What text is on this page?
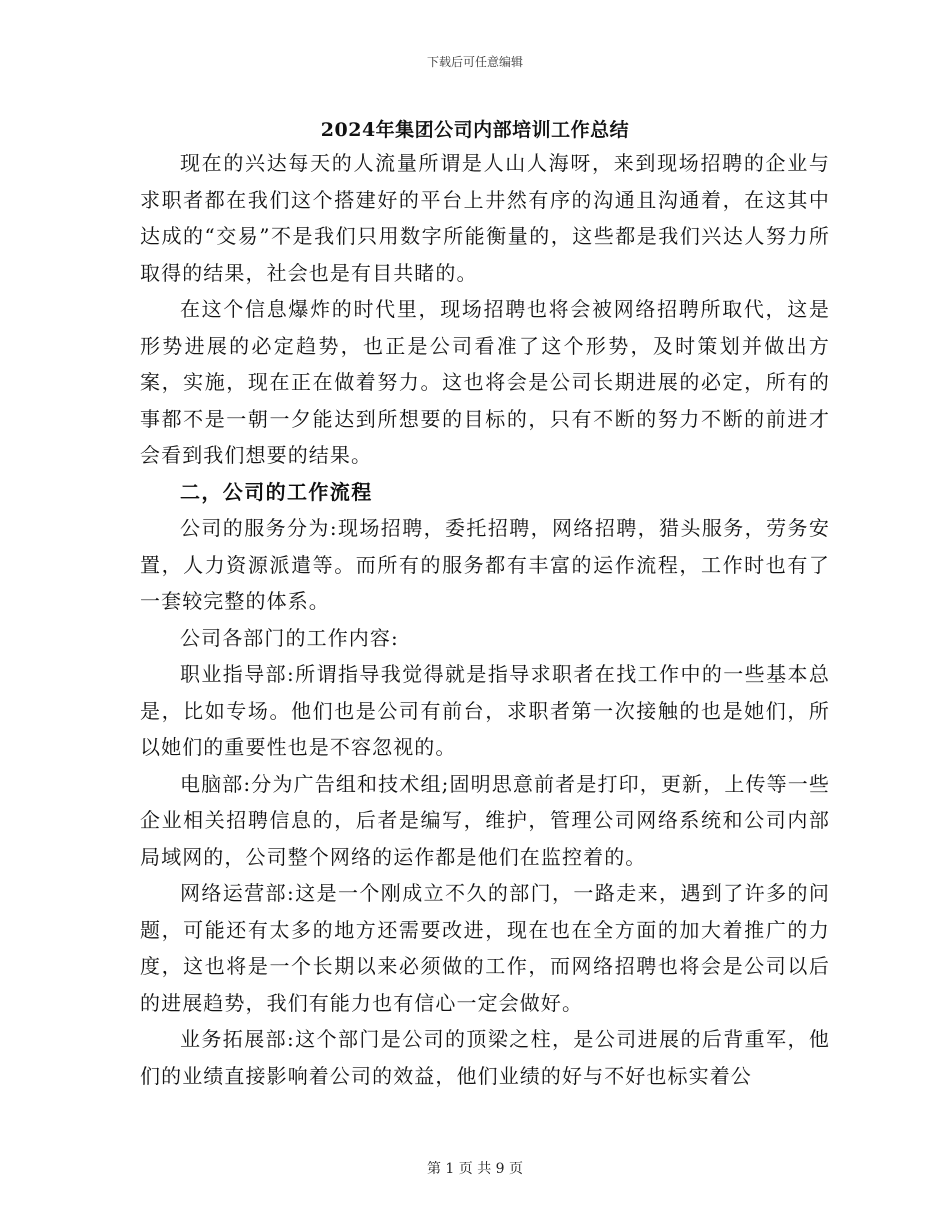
下载后可任意编辑
2024年集团公司内部培训工作总结

现在的兴达每天的人流量所谓是人山人海呀，来到现场招聘的企业与求职者都在我们这个搭建好的平台上井然有序的沟通且沟通着，在这其中达成的“交易”不是我们只用数字所能衡量的，这些都是我们兴达人努力所取得的结果，社会也是有目共睹的。

在这个信息爆炸的时代里，现场招聘也将会被网络招聘所取代，这是形势进展的必定趋势，也正是公司看准了这个形势，及时策划并做出方案，实施，现在正在做着努力。这也将会是公司长期进展的必定，所有的事都不是一朝一夕能达到所想要的目标的，只有不断的努力不断的前进才会看到我们想要的结果。

二，公司的工作流程

公司的服务分为:现场招聘，委托招聘，网络招聘，猎头服务，劳务安置，人力资源派遣等。而所有的服务都有丰富的运作流程，工作时也有了一套较完整的体系。

公司各部门的工作内容:

职业指导部:所谓指导我觉得就是指导求职者在找工作中的一些基本总是，比如专场。他们也是公司有前台，求职者第一次接触的也是她们，所以她们的重要性也是不容忽视的。

电脑部:分为广告组和技术组;固明思意前者是打印，更新，上传等一些企业相关招聘信息的，后者是编写，维护，管理公司网络系统和公司内部局域网的，公司整个网络的运作都是他们在监控着的。

网络运营部:这是一个刚成立不久的部门，一路走来，遇到了许多的问题，可能还有太多的地方还需要改进，现在也在全方面的加大着推广的力度，这也将是一个长期以来必须做的工作，而网络招聘也将会是公司以后的进展趋势，我们有能力也有信心一定会做好。

业务拓展部:这个部门是公司的顶梁之柱，是公司进展的后背重军，他们的业绩直接影响着公司的效益，他们业绩的好与不好也标实着公

第 1 页 共 9 页
